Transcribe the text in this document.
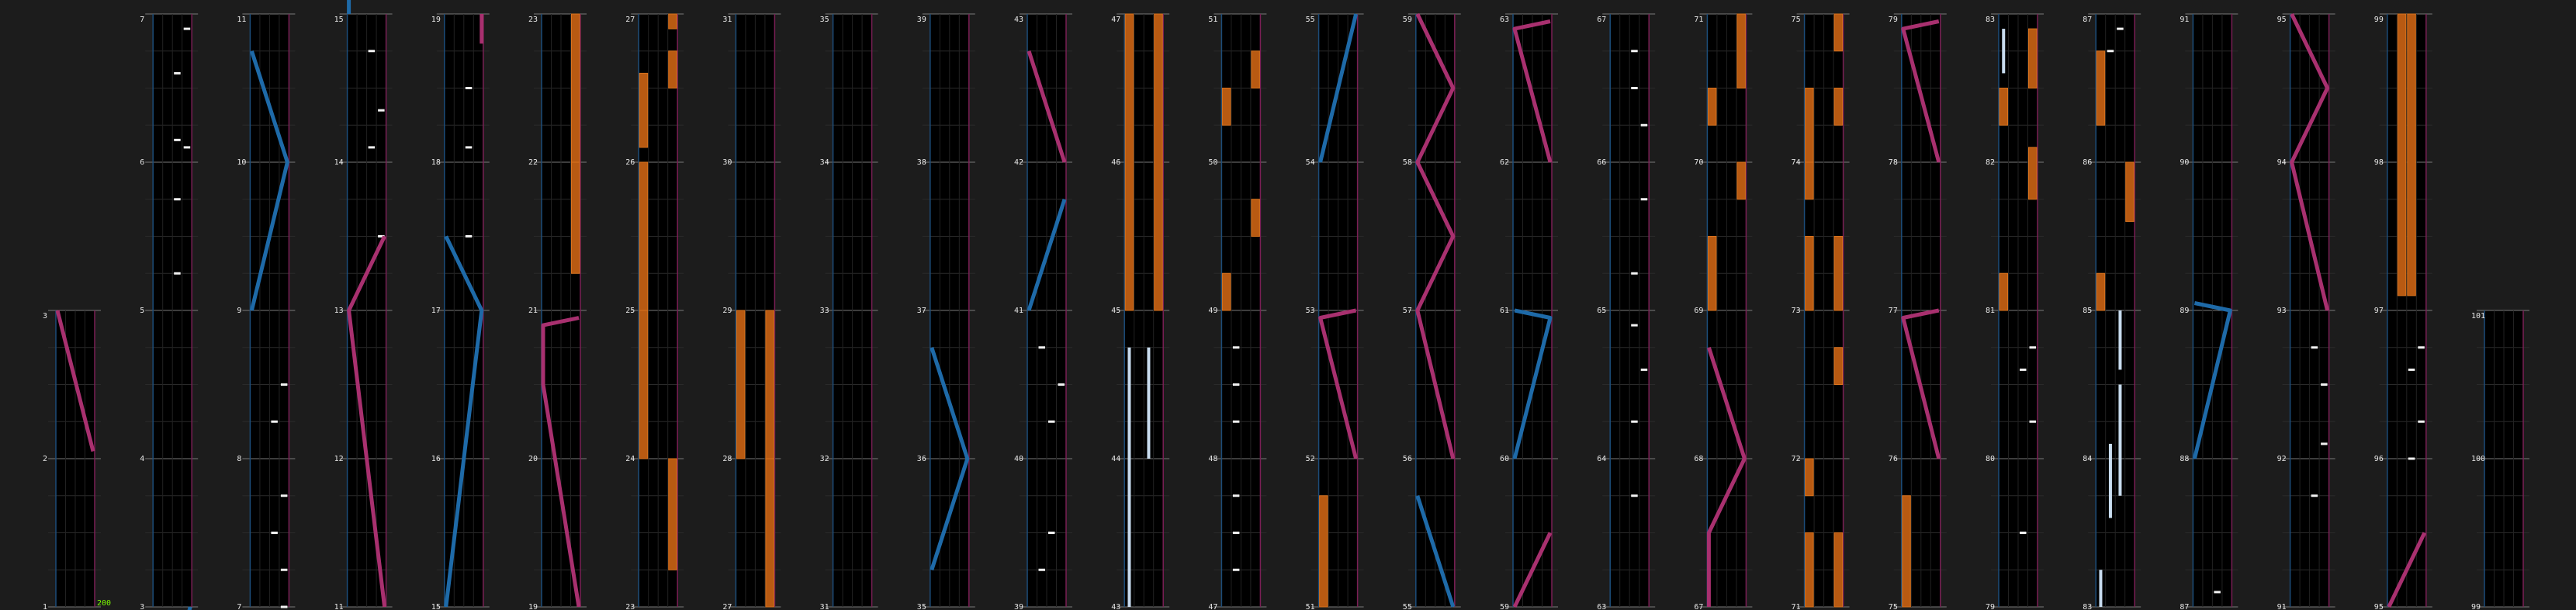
1
2
3
3
4
5
6
7
7
8
9
10
11
11
12
13
14
15
15
16
17
18
19
19
20
21
22
23
23
24
25
26
27
27
28
29
30
31
31
32
33
34
35
35
36
37
38
39
39
40
41
42
43
43
44
45
46
47
47
48
49
50
51
51
52
53
54
55
55
56
57
58
59
59
60
61
62
63
63
64
65
66
67
67
68
69
70
71
71
72
73
74
75
75
76
77
78
79
79
80
81
82
83
83
84
85
86
87
87
88
89
90
91
91
92
93
94
95
95
96
97
98
99
99
100
101
200
